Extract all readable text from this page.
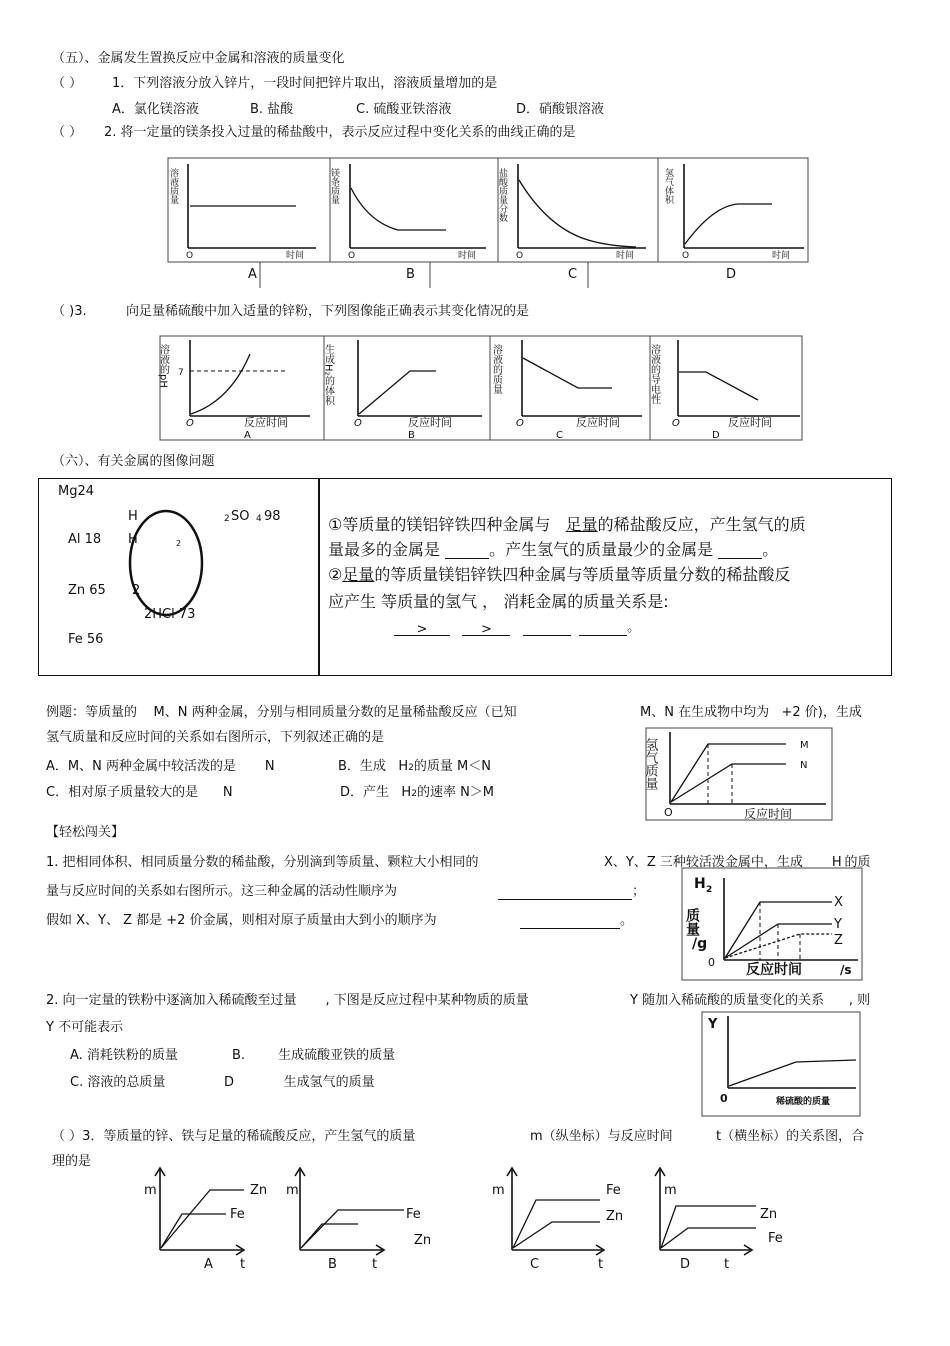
（五）、金属发生置换反应中金属和溶液的质量变化
（ ） 1．下列溶液分放入锌片，一段时间把锌片取出，溶液质量增加的是
A．氯化镁溶液	B. 盐酸	C. 硫酸亚铁溶液	D．硝酸银溶液
（ ） 2. 将一定量的镁条投入过量的稀盐酸中，表示反应过程中变化关系的曲线正确的是
溶液质量
O	时间
A
镁条质量
O	时间
B
盐酸质量分数
O	时间
C
氢气体积
O	时间
D
（ )3.	向足量稀硫酸中加入适量的锌粉，下列图像能正确表示其变化情况的是
溶液的pH 7
O	反应时间
A
生成H₂的体积
O	反应时间
B
溶液的质量
O	反应时间
C
溶液的导电性
O	反应时间
D
（六）、有关金属的图像问题
Mg24
Al 18
Zn 65
Fe 56
H
H	2
2
2HCl 73
2 SO 4 98	①等质量的镁铝锌铁四种金属与 足量的稀盐酸反应，产生氢气的质
量最多的金属是	。产生氢气的质量最少的金属是	。
②足量的等质量镁铝锌铁四种金属与等质量等质量分数的稀盐酸反
应产生 等质量的氢气 ， 消耗金属的质量关系是:
>	>	。
例题：等质量的 M、N 两种金属，分别与相同质量分数的足量稀盐酸反应（已知	M、N 在生成物中均为 +2 价)，生成
氢气质量和反应时间的关系如右图所示，下列叙述正确的是
A．M、N 两种金属中较活泼的是 N	B．生成 H2的质量 M＜N
C．相对原子质量较大的是 N	D．产生 H2的速率 N＞M
氢气质量	M
N
O	反应时间
【轻松闯关】
1. 把相同体积、相同质量分数的稀盐酸，分别滴到等质量、颗粒大小相同的	X、Y、Z 三种较活泼金属中，生成 H 的质
量与反应时间的关系如右图所示。这三种金属的活动性顺序为	；
假如 X、Y、 Z 都是 +2 价金属，则相对原子质量由大到小的顺序为	。
H 2
质量
/g
X
Y
Z
0 反应时间	/s
2. 向一定量的铁粉中逐滴加入稀硫酸至过量 , 下图是反应过程中某种物质的质量	Y 随加入稀硫酸的质量变化的关系 , 则
Y 不可能表示
A. 消耗铁粉的质量	B.	生成硫酸亚铁的质量
C. 溶液的总质量	D	生成氢气的质量
Y
0	稀硫酸的质量
（ ）3．等质量的锌、铁与足量的稀硫酸反应，产生氢气的质量	m（纵坐标）与反应时间	t（横坐标）的关系图，合
理的是
m	Zn
Fe
A t
m
Fe
Zn
B	t
m	Fe
Zn
C	t
m
Zn
Fe
D	t
